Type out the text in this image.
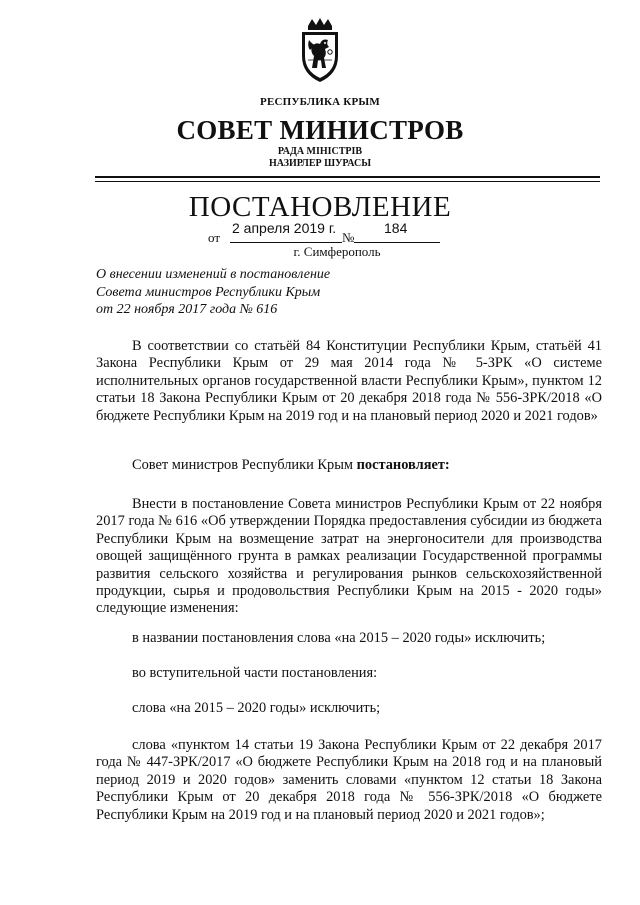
РЕСПУБЛИКА КРЫМ
СОВЕТ МИНИСТРОВ
РАДА МІНІСТРІВ
НАЗИРЛЕР ШУРАСЫ
ПОСТАНОВЛЕНИЕ
от	№
2 апреля 2019 г.	184
г. Симферополь
О внесении изменений в постановление
Совета министров Республики Крым
от 22 ноября 2017 года № 616
В соответствии со статьёй 84 Конституции Республики Крым, статьёй 41 Закона Республики Крым от 29 мая 2014 года № 5-ЗРК «О системе исполнительных органов государственной власти Республики Крым», пунктом 12 статьи 18 Закона Республики Крым от 20 декабря 2018 года № 556-ЗРК/2018 «О бюджете Республики Крым на 2019 год и на плановый период 2020 и 2021 годов»
Совет министров Республики Крым постановляет:
Внести в постановление Совета министров Республики Крым от 22 ноября 2017 года № 616 «Об утверждении Порядка предоставления субсидии из бюджета Республики Крым на возмещение затрат на энергоносители для производства овощей защищённого грунта в рамках реализации Государственной программы развития сельского хозяйства и регулирования рынков сельскохозяйственной продукции, сырья и продовольствия Республики Крым на 2015 - 2020 годы» следующие изменения:
в названии постановления слова «на 2015 – 2020 годы» исключить;
во вступительной части постановления:
слова «на 2015 – 2020 годы» исключить;
слова «пунктом 14 статьи 19 Закона Республики Крым от 22 декабря 2017 года № 447-ЗРК/2017 «О бюджете Республики Крым на 2018 год и на плановый период 2019 и 2020 годов» заменить словами «пунктом 12 статьи 18 Закона Республики Крым от 20 декабря 2018 года № 556-ЗРК/2018 «О бюджете Республики Крым на 2019 год и на плановый период 2020 и 2021 годов»;
